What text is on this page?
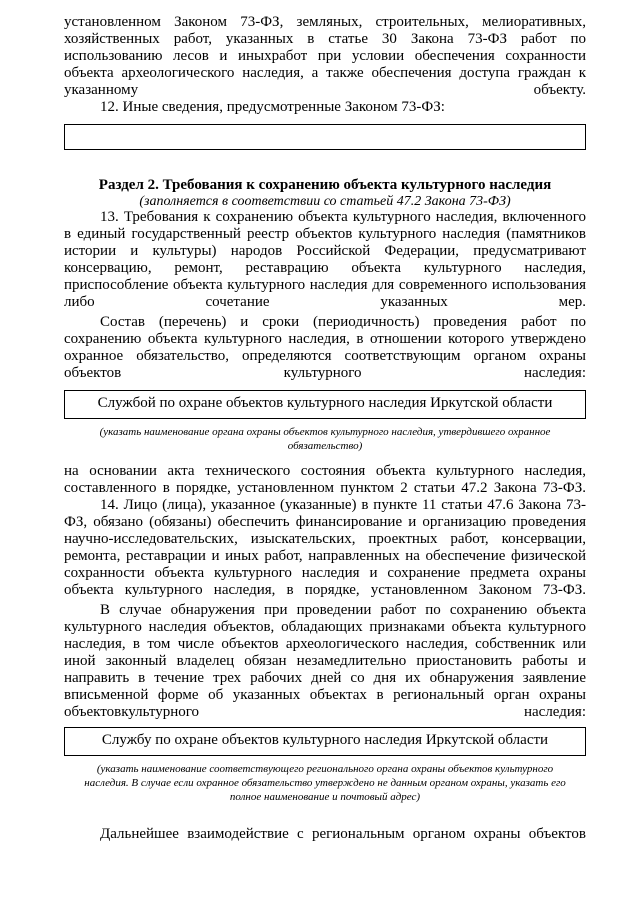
установленном Законом 73-ФЗ, земляных, строительных, мелиоративных, хозяйственных работ, указанных в статье 30 Закона 73-ФЗ работ по использованию лесов и иныхработ при условии обеспечения сохранности объекта археологического наследия, а также обеспечения доступа граждан к указанному объекту.

12. Иные сведения, предусмотренные Законом 73-ФЗ:

Раздел 2. Требования к сохранению объекта культурного наследия
(заполняется в соответствии со статьей 47.2 Закона 73-ФЗ)

13. Требования к сохранению объекта культурного наследия, включенного в единый государственный реестр объектов культурного наследия (памятников истории и культуры) народов Российской Федерации, предусматривают консервацию, ремонт, реставрацию объекта культурного наследия, приспособление объекта культурного наследия для современного использования либо сочетание указанных мер.

Состав (перечень) и сроки (периодичность) проведения работ по сохранению объекта культурного наследия, в отношении которого утверждено охранное обязательство, определяются соответствующим органом охраны объектов культурного наследия:

Службой по охране объектов культурного наследия Иркутской области
(указать наименование органа охраны объектов культурного наследия, утвердившего охранное обязательство)

на основании акта технического состояния объекта культурного наследия, составленного в порядке, установленном пунктом 2 статьи 47.2 Закона 73-ФЗ.

14. Лицо (лица), указанное (указанные) в пункте 11 статьи 47.6 Закона 73-ФЗ, обязано (обязаны) обеспечить финансирование и организацию проведения научно-исследовательских, изыскательских, проектных работ, консервации, ремонта, реставрации и иных работ, направленных на обеспечение физической сохранности объекта культурного наследия и сохранение предмета охраны объекта культурного наследия, в порядке, установленном Законом 73-ФЗ.

В случае обнаружения при проведении работ по сохранению объекта культурного наследия объектов, обладающих признаками объекта культурного наследия, в том числе объектов археологического наследия, собственник или иной законный владелец обязан незамедлительно приостановить работы и направить в течение трех рабочих дней со дня их обнаружения заявление вписьменной форме об указанных объектах в региональный орган охраны объектовкультурного наследия:

Службу по охране объектов культурного наследия Иркутской области
(указать наименование соответствующего регионального органа охраны объектов культурного наследия. В случае если охранное обязательство утверждено не данным органом охраны, указать его полное наименование и почтовый адрес)

Дальнейшее взаимодействие с региональным органом охраны объектов
